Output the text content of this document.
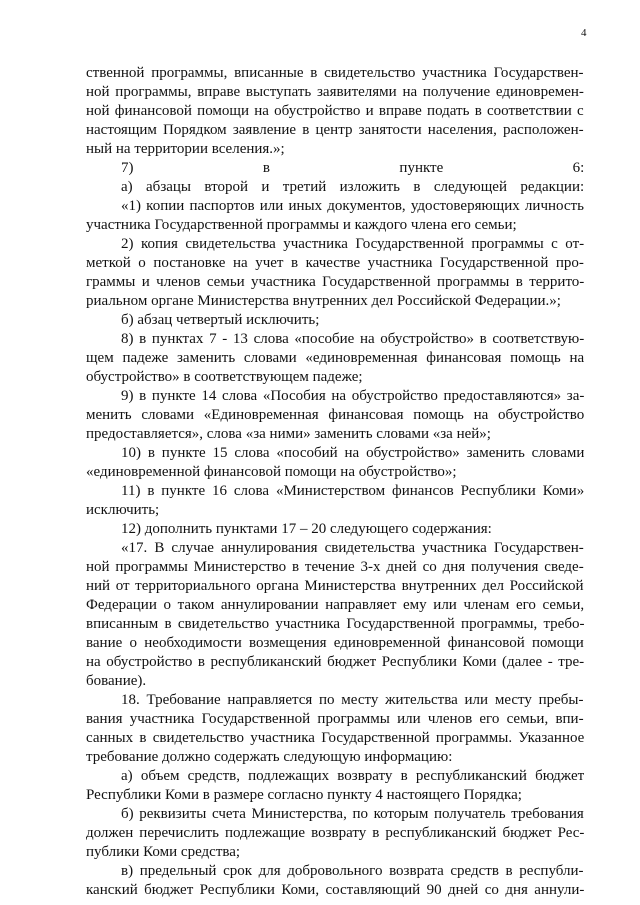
4
ственной программы, вписанные в свидетельство участника Государствен-
ной программы, вправе выступать заявителями на получение единовремен-
ной финансовой помощи на обустройство и вправе подать в соответствии с
настоящим Порядком заявление в центр занятости населения, расположен-
ный на территории вселения.»;
7) в пункте 6:
а) абзацы второй и третий изложить в следующей редакции:
«1) копии паспортов или иных документов, удостоверяющих личность
участника Государственной программы и каждого члена его семьи;
2) копия свидетельства участника Государственной программы с от-
меткой о постановке на учет в качестве участника Государственной про-
граммы и членов семьи участника Государственной программы в террито-
риальном органе Министерства внутренних дел Российской Федерации.»;
б) абзац четвертый исключить;
8) в пунктах 7 - 13 слова «пособие на обустройство» в соответствую-
щем падеже заменить словами «единовременная финансовая помощь на
обустройство» в соответствующем падеже;
9) в пункте 14 слова «Пособия на обустройство предоставляются» за-
менить словами «Единовременная финансовая помощь на обустройство
предоставляется», слова «за ними» заменить словами «за ней»;
10) в пункте 15 слова «пособий на обустройство» заменить словами
«единовременной финансовой помощи на обустройство»;
11) в пункте 16 слова «Министерством финансов Республики Коми»
исключить;
12) дополнить пунктами 17 – 20 следующего содержания:
«17. В случае аннулирования свидетельства участника Государствен-
ной программы Министерство в течение 3-х дней со дня получения сведе-
ний от территориального органа Министерства внутренних дел Российской
Федерации о таком аннулировании направляет ему или членам его семьи,
вписанным в свидетельство участника Государственной программы, требо-
вание о необходимости возмещения единовременной финансовой помощи
на обустройство в республиканский бюджет Республики Коми (далее - тре-
бование).
18. Требование направляется по месту жительства или месту пребы-
вания участника Государственной программы или членов его семьи, впи-
санных в свидетельство участника Государственной программы. Указанное
требование должно содержать следующую информацию:
а) объем средств, подлежащих возврату в республиканский бюджет
Республики Коми в размере согласно пункту 4 настоящего Порядка;
б) реквизиты счета Министерства, по которым получатель требования
должен перечислить подлежащие возврату в республиканский бюджет Рес-
публики Коми средства;
в) предельный срок для добровольного возврата средств в республи-
канский бюджет Республики Коми, составляющий 90 дней со дня аннули-
